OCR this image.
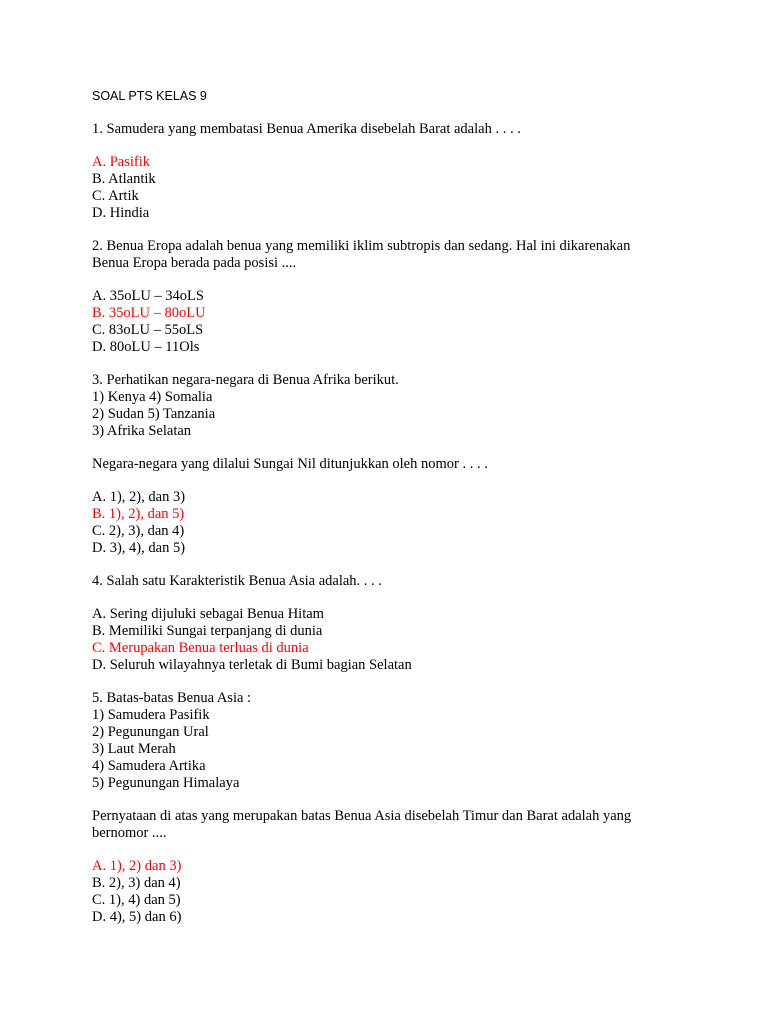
SOAL PTS KELAS 9
1. Samudera yang membatasi Benua Amerika disebelah Barat adalah . . . .
A. Pasifik
B. Atlantik
C. Artik
D. Hindia
2. Benua Eropa adalah benua yang memiliki iklim subtropis dan sedang. Hal ini dikarenakan
Benua Eropa berada pada posisi ....
A. 35oLU – 34oLS
B. 35oLU – 80oLU
C. 83oLU – 55oLS
D. 80oLU – 11Ols
3. Perhatikan negara-negara di Benua Afrika berikut.
1) Kenya 4) Somalia
2) Sudan 5) Tanzania
3) Afrika Selatan
Negara-negara yang dilalui Sungai Nil ditunjukkan oleh nomor . . . .
A. 1), 2), dan 3)
B. 1), 2), dan 5)
C. 2), 3), dan 4)
D. 3), 4), dan 5)
4. Salah satu Karakteristik Benua Asia adalah. . . .
A. Sering dijuluki sebagai Benua Hitam
B. Memiliki Sungai terpanjang di dunia
C. Merupakan Benua terluas di dunia
D. Seluruh wilayahnya terletak di Bumi bagian Selatan
5. Batas-batas Benua Asia :
1) Samudera Pasifik
2) Pegunungan Ural
3) Laut Merah
4) Samudera Artika
5) Pegunungan Himalaya
Pernyataan di atas yang merupakan batas Benua Asia disebelah Timur dan Barat adalah yang
bernomor ....
A. 1), 2) dan 3)
B. 2), 3) dan 4)
C. 1), 4) dan 5)
D. 4), 5) dan 6)
